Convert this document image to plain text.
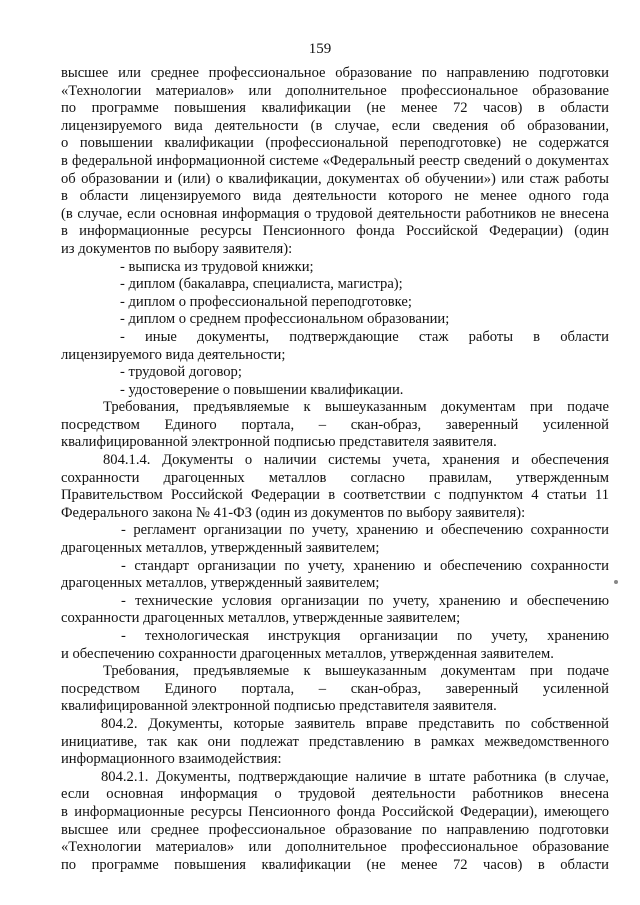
159
высшее или среднее профессиональное образование по направлению подготовки
«Технологии материалов» или дополнительное профессиональное образование
по программе повышения квалификации (не менее 72 часов) в области
лицензируемого вида деятельности (в случае, если сведения об образовании,
о повышении квалификации (профессиональной переподготовке) не содержатся
в федеральной информационной системе «Федеральный реестр сведений о документах
об образовании и (или) о квалификации, документах об обучении») или стаж работы
в области лицензируемого вида деятельности которого не менее одного года
(в случае, если основная информация о трудовой деятельности работников не внесена
в информационные ресурсы Пенсионного фонда Российской Федерации) (один
из документов по выбору заявителя):
- выписка из трудовой книжки;
- диплом (бакалавра, специалиста, магистра);
- диплом о профессиональной переподготовке;
- диплом о среднем профессиональном образовании;
- иные документы, подтверждающие стаж работы в области
лицензируемого вида деятельности;
- трудовой договор;
- удостоверение о повышении квалификации.
Требования, предъявляемые к вышеуказанным документам при подаче
посредством Единого портала, – скан-образ, заверенный усиленной
квалифицированной электронной подписью представителя заявителя.
804.1.4. Документы о наличии системы учета, хранения и обеспечения
сохранности драгоценных металлов согласно правилам, утвержденным
Правительством Российской Федерации в соответствии с подпунктом 4 статьи 11
Федерального закона № 41-ФЗ (один из документов по выбору заявителя):
- регламент организации по учету, хранению и обеспечению сохранности
драгоценных металлов, утвержденный заявителем;
- стандарт организации по учету, хранению и обеспечению сохранности
драгоценных металлов, утвержденный заявителем;
- технические условия организации по учету, хранению и обеспечению
сохранности драгоценных металлов, утвержденные заявителем;
- технологическая инструкция организации по учету, хранению
и обеспечению сохранности драгоценных металлов, утвержденная заявителем.
Требования, предъявляемые к вышеуказанным документам при подаче
посредством Единого портала, – скан-образ, заверенный усиленной
квалифицированной электронной подписью представителя заявителя.
804.2. Документы, которые заявитель вправе представить по собственной
инициативе, так как они подлежат представлению в рамках межведомственного
информационного взаимодействия:
804.2.1. Документы, подтверждающие наличие в штате работника (в случае,
если основная информация о трудовой деятельности работников внесена
в информационные ресурсы Пенсионного фонда Российской Федерации), имеющего
высшее или среднее профессиональное образование по направлению подготовки
«Технологии материалов» или дополнительное профессиональное образование
по программе повышения квалификации (не менее 72 часов) в области
